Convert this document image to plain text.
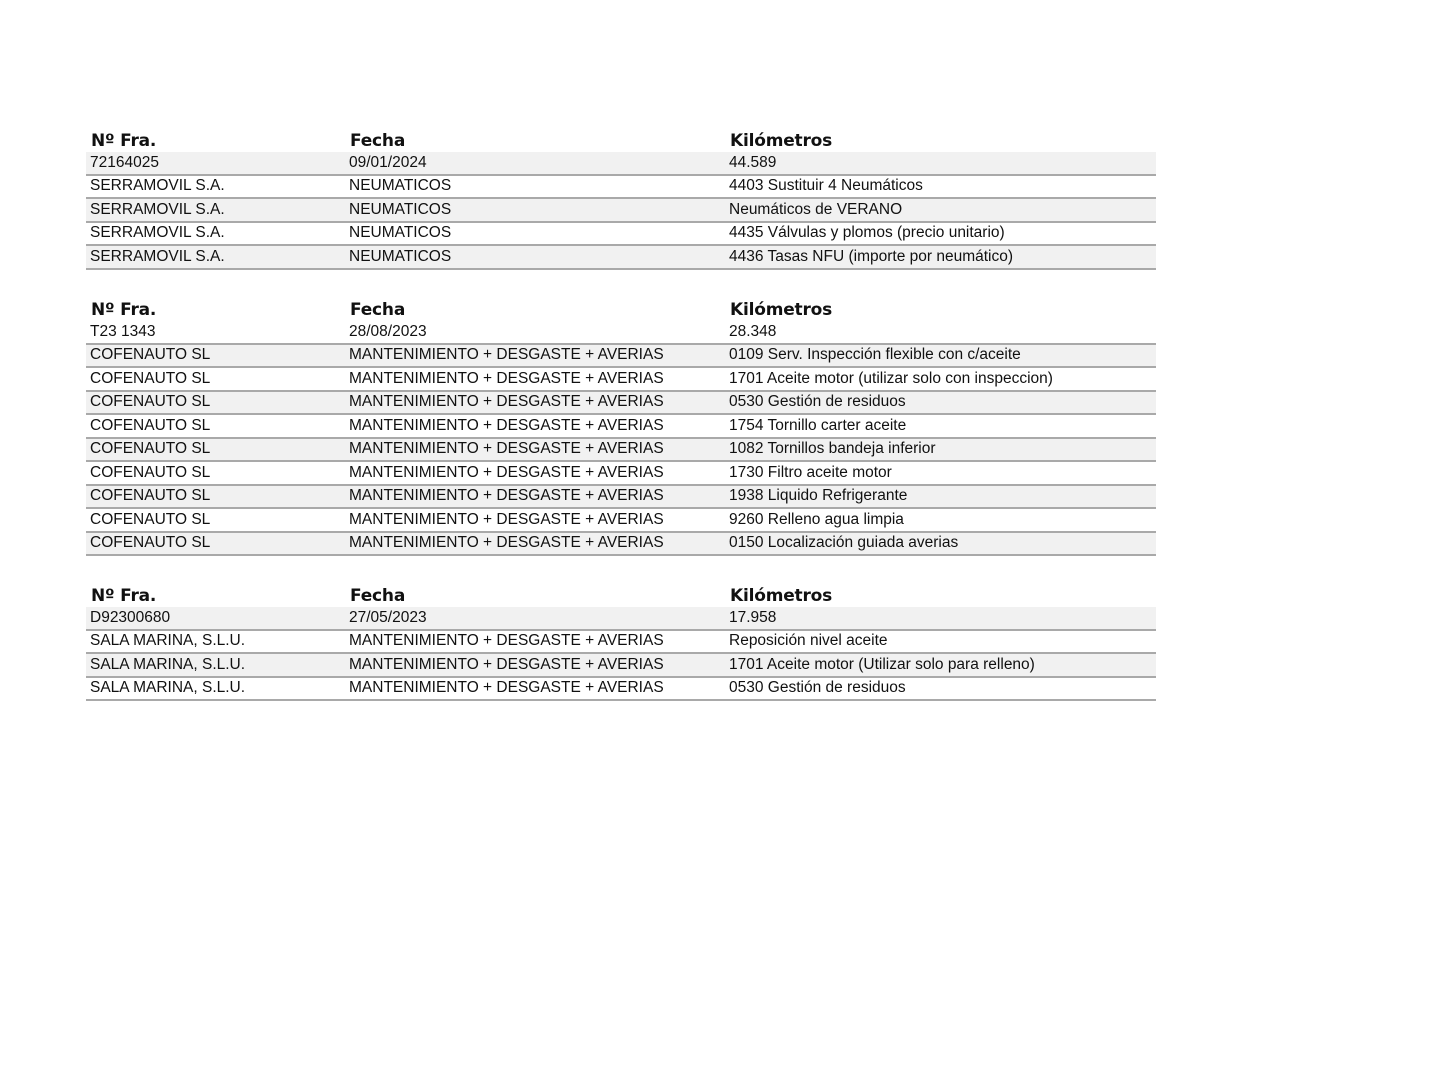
Nº Fra.	Fecha	Kilómetros
72164025	09/01/2024	44.589
SERRAMOVIL S.A.	NEUMATICOS	4403 Sustituir 4 Neumáticos
SERRAMOVIL S.A.	NEUMATICOS	Neumáticos de VERANO
SERRAMOVIL S.A.	NEUMATICOS	4435 Válvulas y plomos (precio unitario)
SERRAMOVIL S.A.	NEUMATICOS	4436 Tasas NFU (importe por neumático)
Nº Fra.	Fecha	Kilómetros
T23 1343	28/08/2023	28.348
COFENAUTO SL	MANTENIMIENTO + DESGASTE + AVERIAS	0109 Serv. Inspección flexible con c/aceite
COFENAUTO SL	MANTENIMIENTO + DESGASTE + AVERIAS	1701 Aceite motor (utilizar solo con inspeccion)
COFENAUTO SL	MANTENIMIENTO + DESGASTE + AVERIAS	0530 Gestión de residuos
COFENAUTO SL	MANTENIMIENTO + DESGASTE + AVERIAS	1754 Tornillo carter aceite
COFENAUTO SL	MANTENIMIENTO + DESGASTE + AVERIAS	1082 Tornillos bandeja inferior
COFENAUTO SL	MANTENIMIENTO + DESGASTE + AVERIAS	1730 Filtro aceite motor
COFENAUTO SL	MANTENIMIENTO + DESGASTE + AVERIAS	1938 Liquido Refrigerante
COFENAUTO SL	MANTENIMIENTO + DESGASTE + AVERIAS	9260 Relleno agua limpia
COFENAUTO SL	MANTENIMIENTO + DESGASTE + AVERIAS	0150 Localización guiada averias
Nº Fra.	Fecha	Kilómetros
D92300680	27/05/2023	17.958
SALA MARINA, S.L.U.	MANTENIMIENTO + DESGASTE + AVERIAS	Reposición nivel aceite
SALA MARINA, S.L.U.	MANTENIMIENTO + DESGASTE + AVERIAS	1701 Aceite motor (Utilizar solo para relleno)
SALA MARINA, S.L.U.	MANTENIMIENTO + DESGASTE + AVERIAS	0530 Gestión de residuos
